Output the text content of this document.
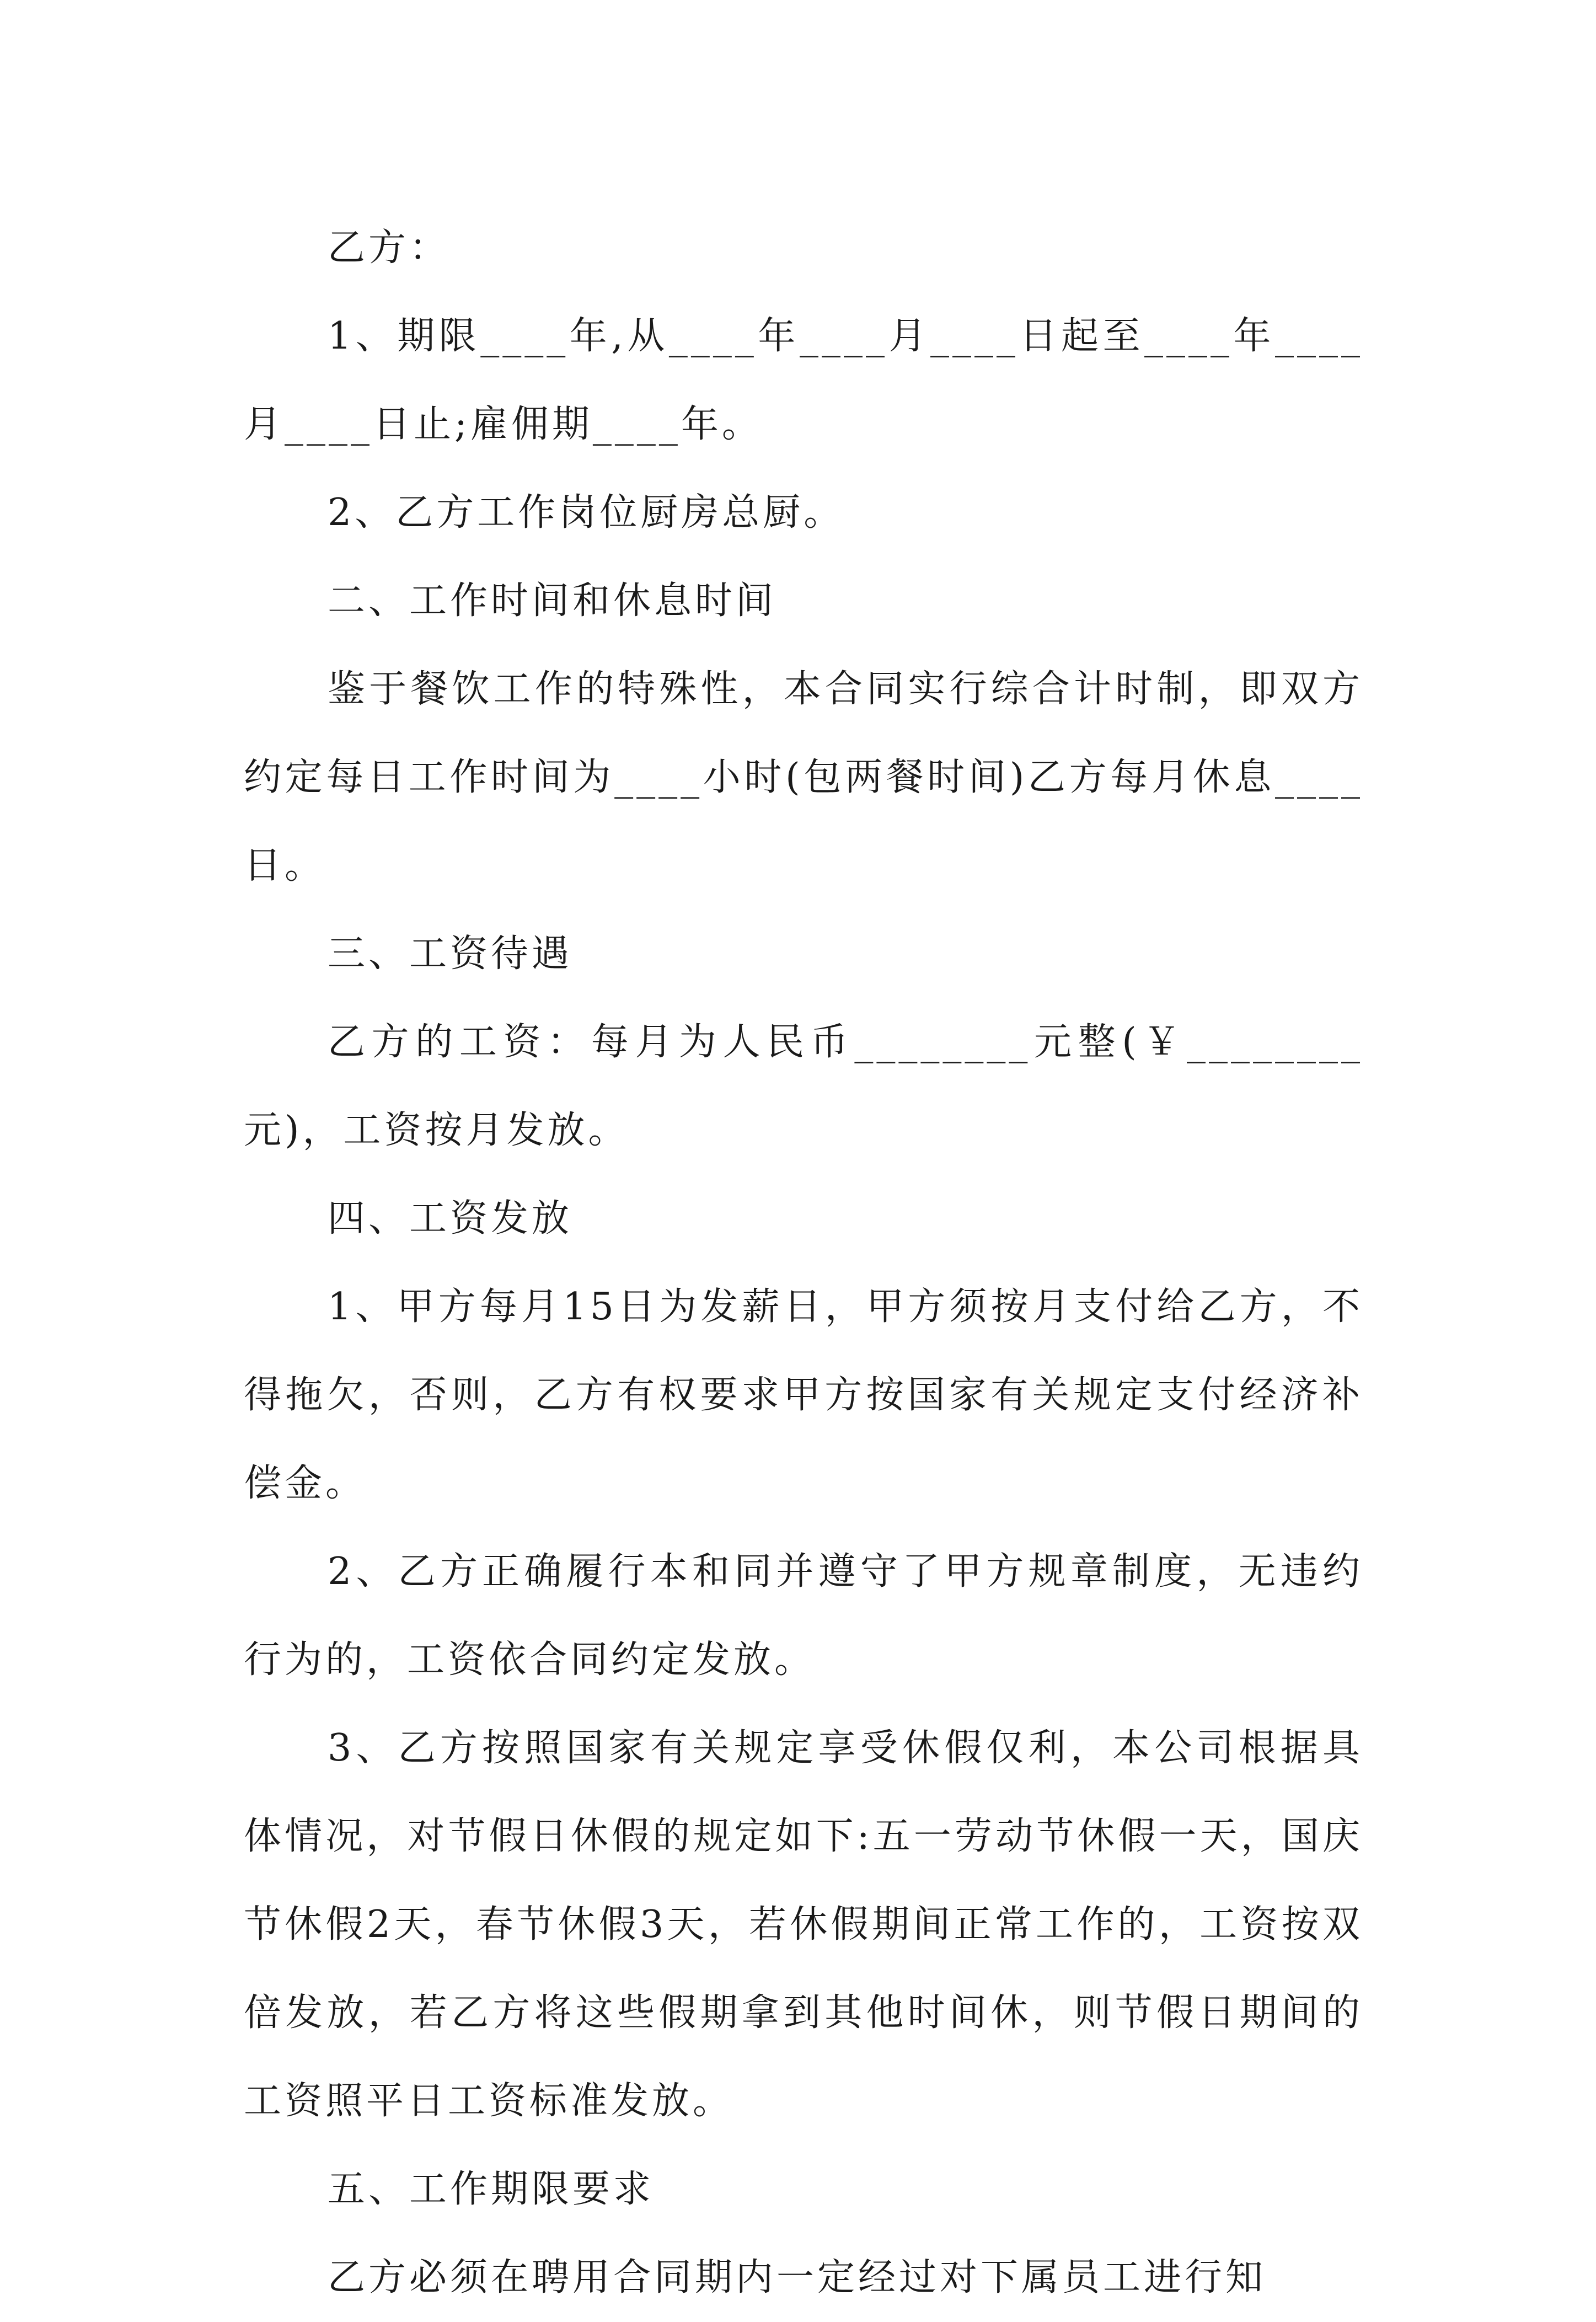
乙方：

1、期限____年,从____年____月____日起至____年____月____日止;雇佣期____年。

2、乙方工作岗位厨房总厨。

二、工作时间和休息时间

鉴于餐饮工作的特殊性，本合同实行综合计时制，即双方约定每日工作时间为____小时(包两餐时间)乙方每月休息____日。

三、工资待遇

乙方的工资：每月为人民币________元整(￥________元)，工资按月发放。

四、工资发放

1、甲方每月15日为发薪日，甲方须按月支付给乙方，不得拖欠，否则，乙方有权要求甲方按国家有关规定支付经济补偿金。

2、乙方正确履行本和同并遵守了甲方规章制度，无违约行为的，工资依合同约定发放。

3、乙方按照国家有关规定享受休假仅利，本公司根据具体情况，对节假日休假的规定如下:五一劳动节休假一天，国庆节休假2天，春节休假3天，若休假期间正常工作的，工资按双倍发放，若乙方将这些假期拿到其他时间休，则节假日期间的工资照平日工资标准发放。

五、工作期限要求

乙方必须在聘用合同期内一定经过对下属员工进行知
